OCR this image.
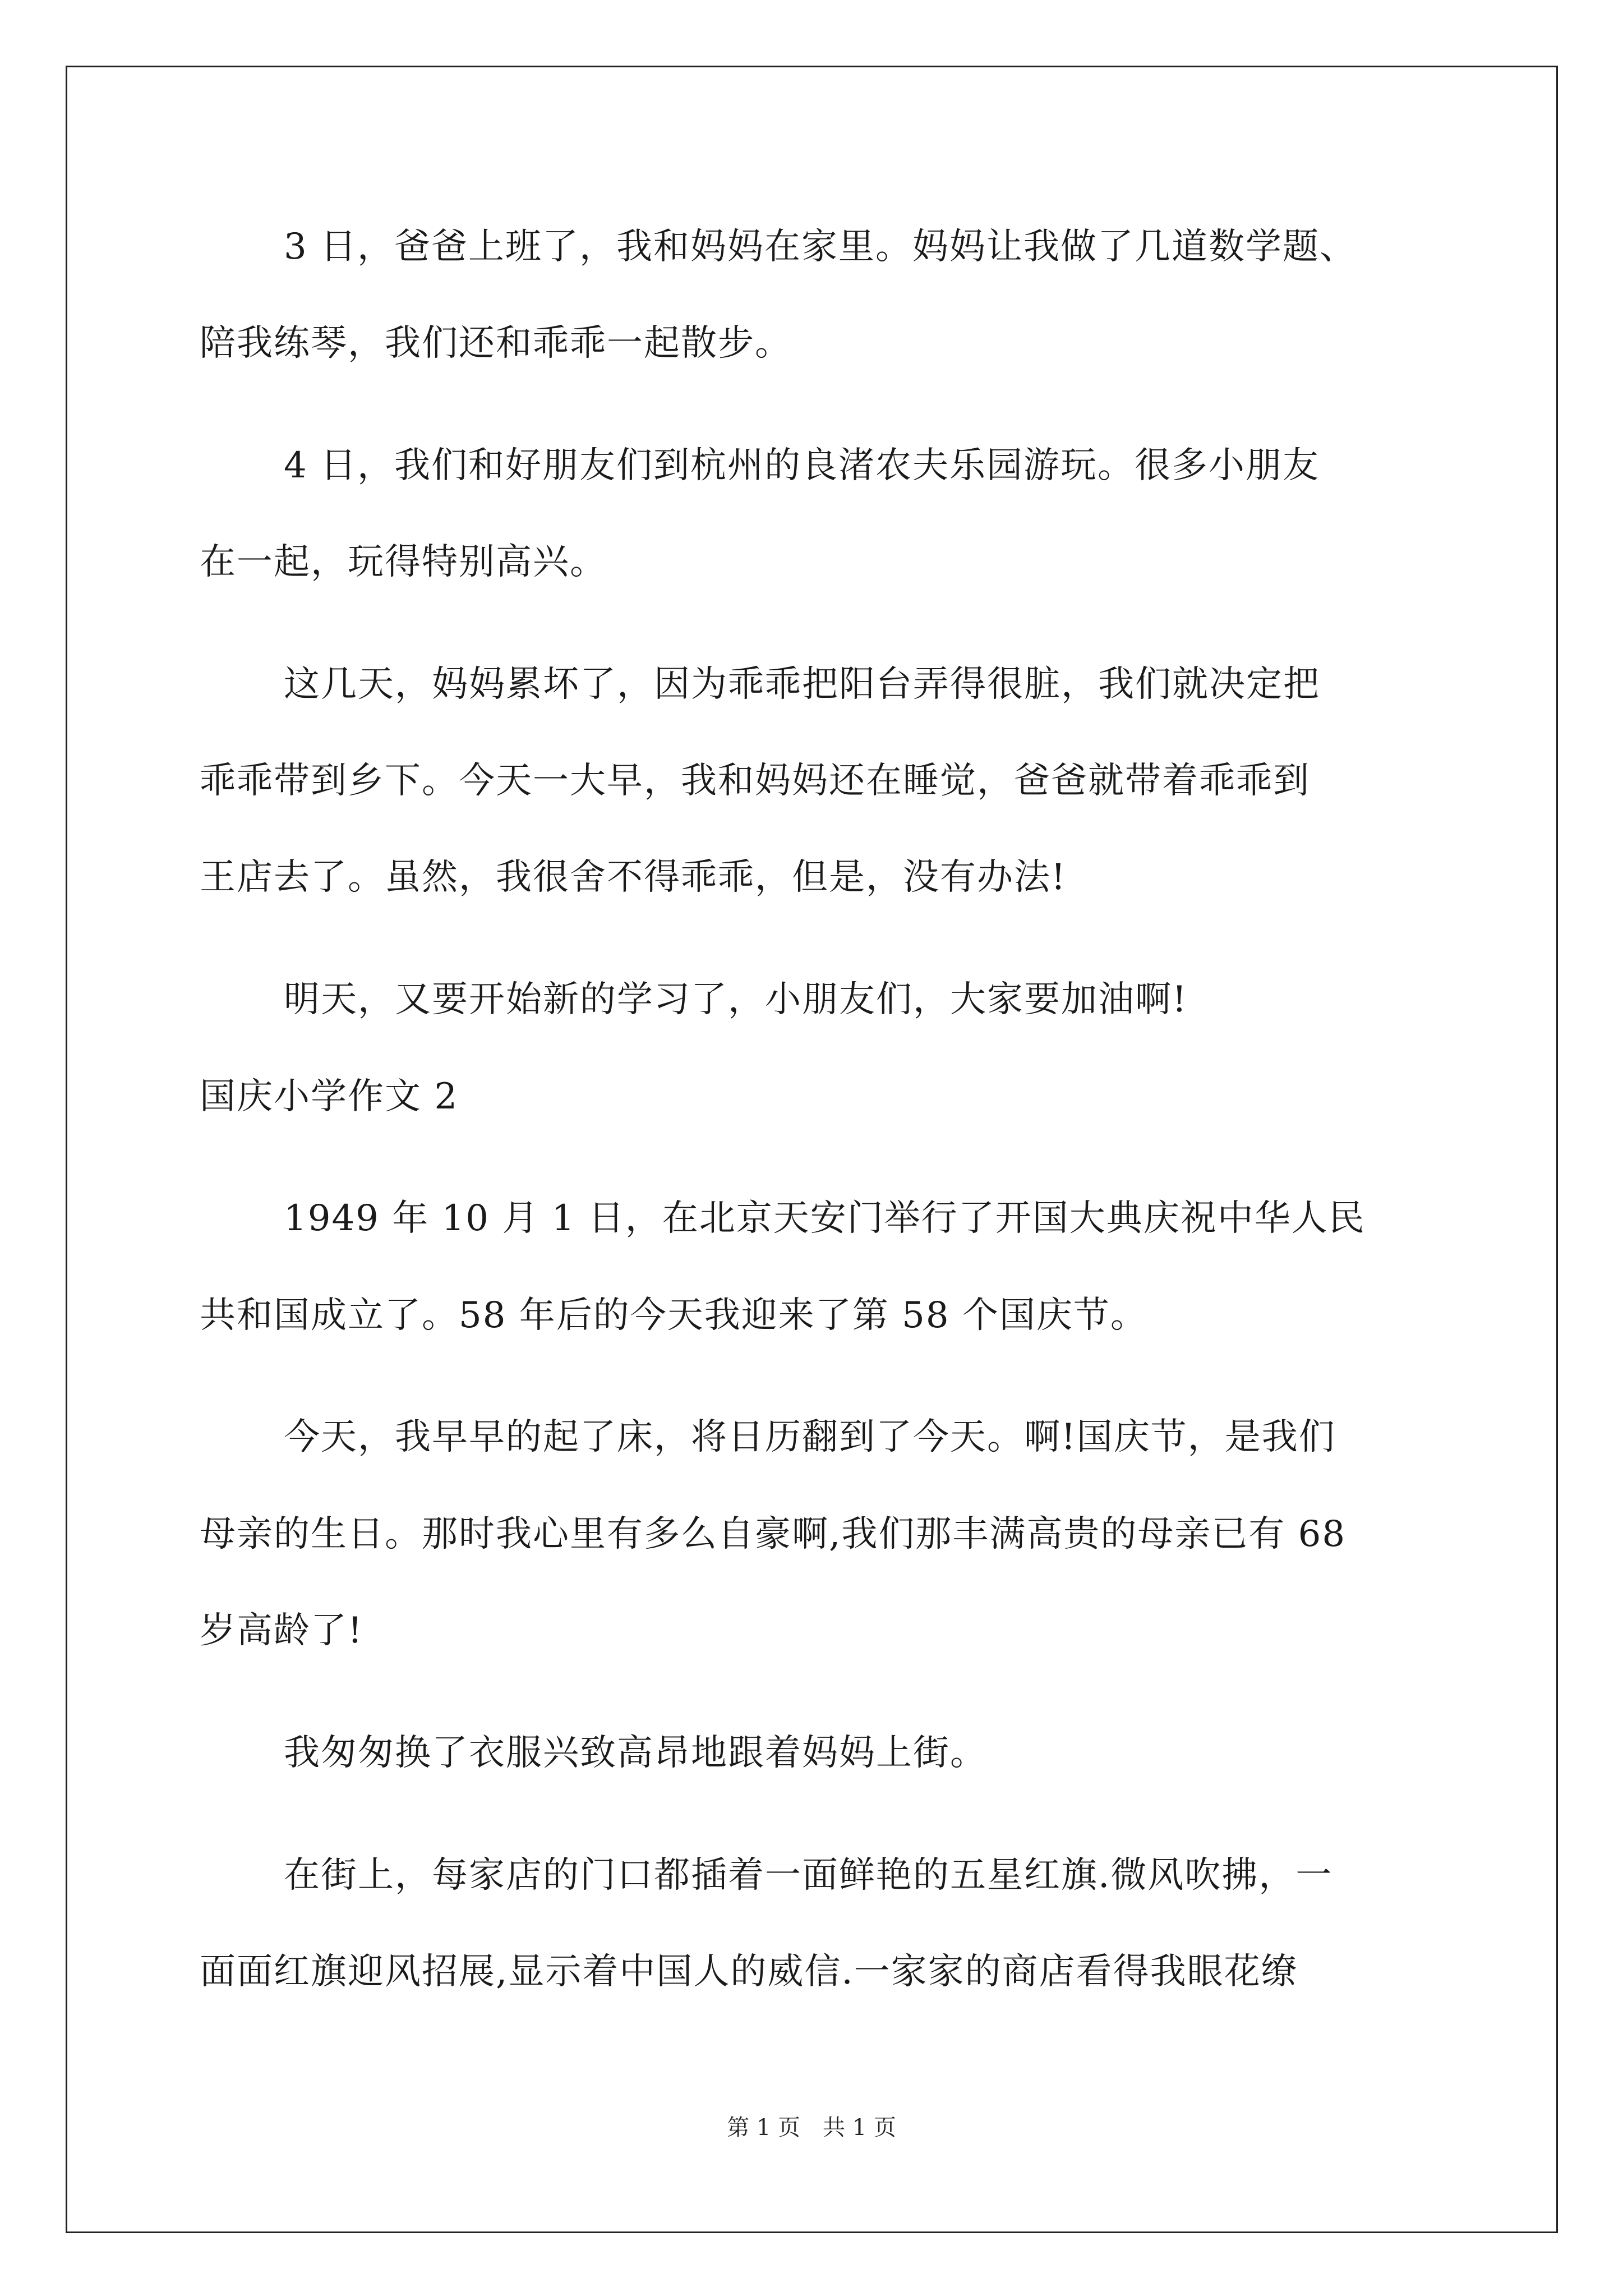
3 日，爸爸上班了，我和妈妈在家里。妈妈让我做了几道数学题、
陪我练琴，我们还和乖乖一起散步。
4 日，我们和好朋友们到杭州的良渚农夫乐园游玩。很多小朋友
在一起，玩得特别高兴。
这几天，妈妈累坏了，因为乖乖把阳台弄得很脏，我们就决定把
乖乖带到乡下。今天一大早，我和妈妈还在睡觉，爸爸就带着乖乖到
王店去了。虽然，我很舍不得乖乖，但是，没有办法!
明天，又要开始新的学习了，小朋友们，大家要加油啊!
国庆小学作文 2
1949 年 10 月 1 日，在北京天安门举行了开国大典庆祝中华人民
共和国成立了。58 年后的今天我迎来了第 58 个国庆节。
今天，我早早的起了床，将日历翻到了今天。啊!国庆节，是我们
母亲的生日。那时我心里有多么自豪啊,我们那丰满高贵的母亲已有 68
岁高龄了!
我匆匆换了衣服兴致高昂地跟着妈妈上街。
在街上，每家店的门口都插着一面鲜艳的五星红旗.微风吹拂，一
面面红旗迎风招展,显示着中国人的威信.一家家的商店看得我眼花缭
第 1 页　共 1 页
